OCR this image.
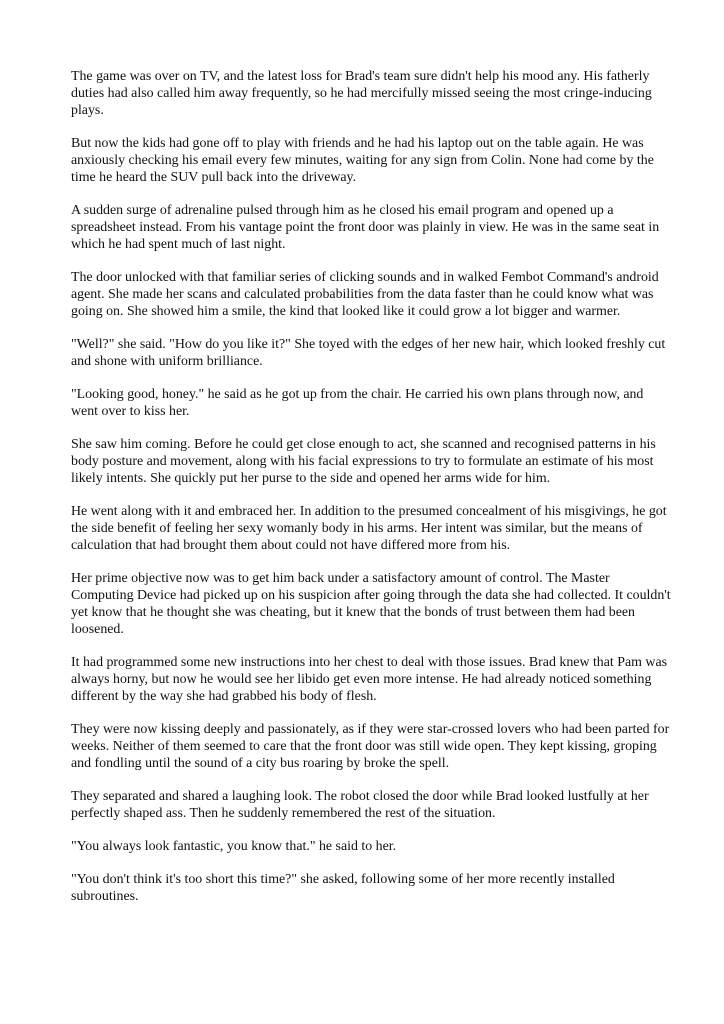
The game was over on TV, and the latest loss for Brad's team sure didn't help his mood any. His fatherly duties had also called him away frequently, so he had mercifully missed seeing the most cringe-inducing plays.

But now the kids had gone off to play with friends and he had his laptop out on the table again. He was anxiously checking his email every few minutes, waiting for any sign from Colin. None had come by the time he heard the SUV pull back into the driveway.

A sudden surge of adrenaline pulsed through him as he closed his email program and opened up a spreadsheet instead. From his vantage point the front door was plainly in view. He was in the same seat in which he had spent much of last night.

The door unlocked with that familiar series of clicking sounds and in walked Fembot Command's android agent. She made her scans and calculated probabilities from the data faster than he could know what was going on. She showed him a smile, the kind that looked like it could grow a lot bigger and warmer.

"Well?" she said. "How do you like it?" She toyed with the edges of her new hair, which looked freshly cut and shone with uniform brilliance.

"Looking good, honey." he said as he got up from the chair. He carried his own plans through now, and went over to kiss her.

She saw him coming. Before he could get close enough to act, she scanned and recognised patterns in his body posture and movement, along with his facial expressions to try to formulate an estimate of his most likely intents. She quickly put her purse to the side and opened her arms wide for him.

He went along with it and embraced her. In addition to the presumed concealment of his misgivings, he got the side benefit of feeling her sexy womanly body in his arms. Her intent was similar, but the means of calculation that had brought them about could not have differed more from his.

Her prime objective now was to get him back under a satisfactory amount of control. The Master Computing Device had picked up on his suspicion after going through the data she had collected. It couldn't yet know that he thought she was cheating, but it knew that the bonds of trust between them had been loosened.

It had programmed some new instructions into her chest to deal with those issues. Brad knew that Pam was always horny, but now he would see her libido get even more intense. He had already noticed something different by the way she had grabbed his body of flesh.

They were now kissing deeply and passionately, as if they were star-crossed lovers who had been parted for weeks. Neither of them seemed to care that the front door was still wide open. They kept kissing, groping and fondling until the sound of a city bus roaring by broke the spell.

They separated and shared a laughing look. The robot closed the door while Brad looked lustfully at her perfectly shaped ass. Then he suddenly remembered the rest of the situation.

"You always look fantastic, you know that." he said to her.

"You don't think it's too short this time?" she asked, following some of her more recently installed subroutines.
